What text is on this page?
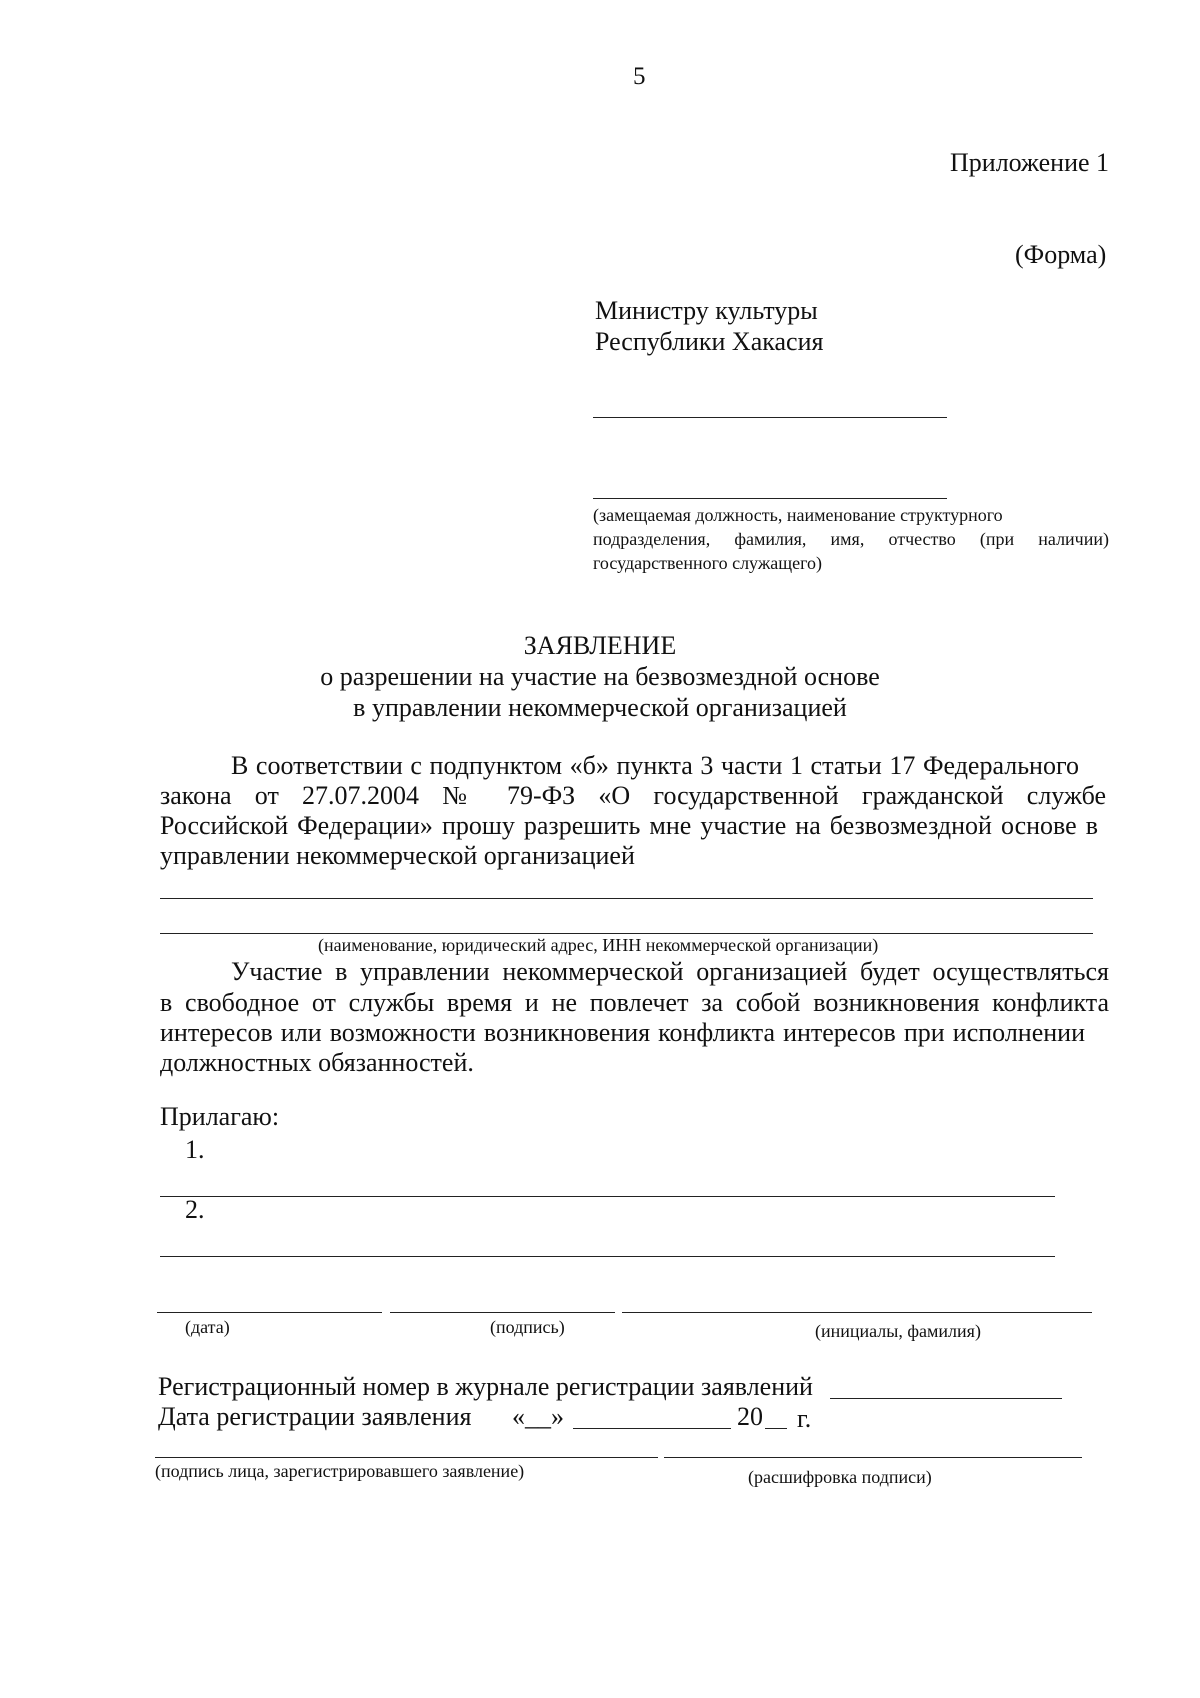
5
Приложение 1
(Форма)
Министру культуры
Республики Хакасия
(замещаемая должность, наименование структурного
подразделения, фамилия, имя, отчество (при наличии)
государственного служащего)
ЗАЯВЛЕНИЕ
о разрешении на участие на безвозмездной основе
в управлении некоммерческой организацией
В соответствии с подпунктом «б» пункта 3 части 1 статьи 17 Федерального
закона от 27.07.2004 № 79-ФЗ «О государственной гражданской службе
Российской Федерации» прошу разрешить мне участие на безвозмездной основе в
управлении некоммерческой организацией
(наименование, юридический адрес, ИНН некоммерческой организации)
Участие в управлении некоммерческой организацией будет осуществляться
в свободное от службы время и не повлечет за собой возникновения конфликта
интересов или возможности возникновения конфликта интересов при исполнении
должностных обязанностей.
Прилагаю:
1.
2.
(дата)	(подпись)	(инициалы, фамилия)
Регистрационный номер в журнале регистрации заявлений
Дата регистрации заявления «__»	20 г.
(подпись лица, зарегистрировавшего заявление)	(расшифровка подписи)
